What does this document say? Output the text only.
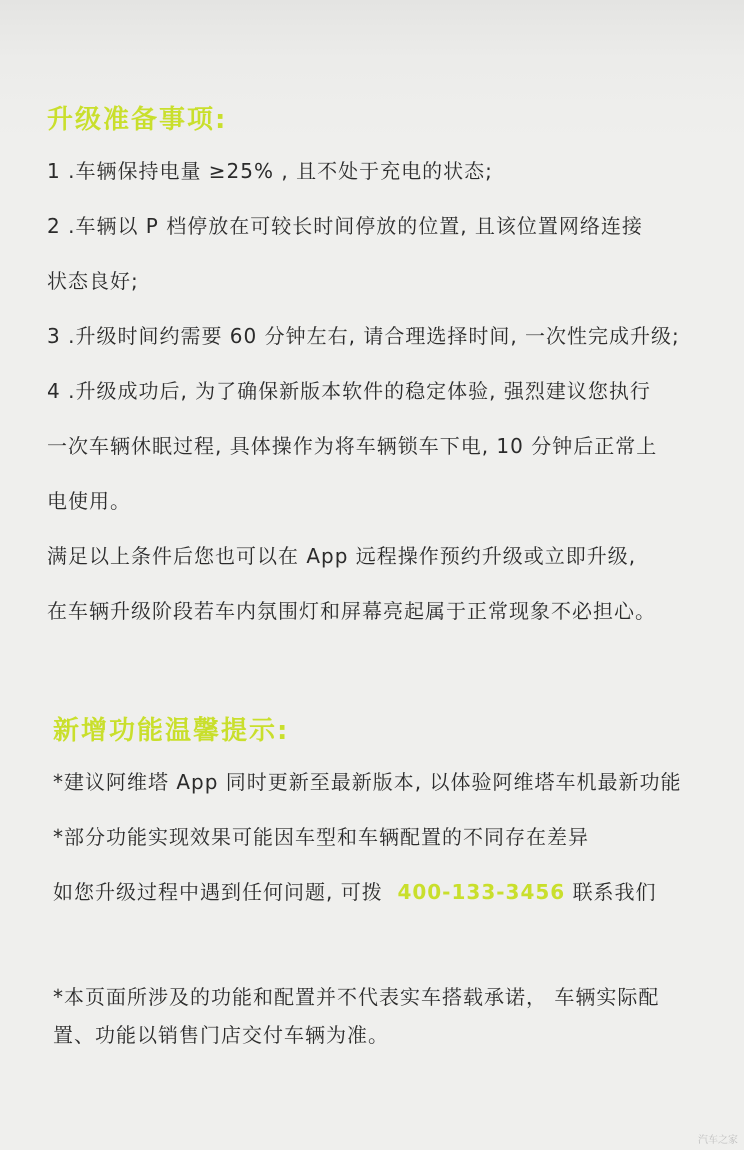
升级准备事项:

1 .车辆保持电量 ≥25% , 且不处于充电的状态;

2 .车辆以 P 档停放在可较长时间停放的位置, 且该位置网络连接

状态良好;

3 .升级时间约需要 60 分钟左右, 请合理选择时间, 一次性完成升级;

4 .升级成功后, 为了确保新版本软件的稳定体验, 强烈建议您执行

一次车辆休眠过程, 具体操作为将车辆锁车下电, 10 分钟后正常上

电使用。

满足以上条件后您也可以在 App 远程操作预约升级或立即升级,

在车辆升级阶段若车内氛围灯和屏幕亮起属于正常现象不必担心。

新增功能温馨提示:

*建议阿维塔 App 同时更新至最新版本, 以体验阿维塔车机最新功能

*部分功能实现效果可能因车型和车辆配置的不同存在差异

如您升级过程中遇到任何问题, 可拨 400-133-3456 联系我们

*本页面所涉及的功能和配置并不代表实车搭载承诺， 车辆实际配

置、功能以销售门店交付车辆为准。

汽车之家
